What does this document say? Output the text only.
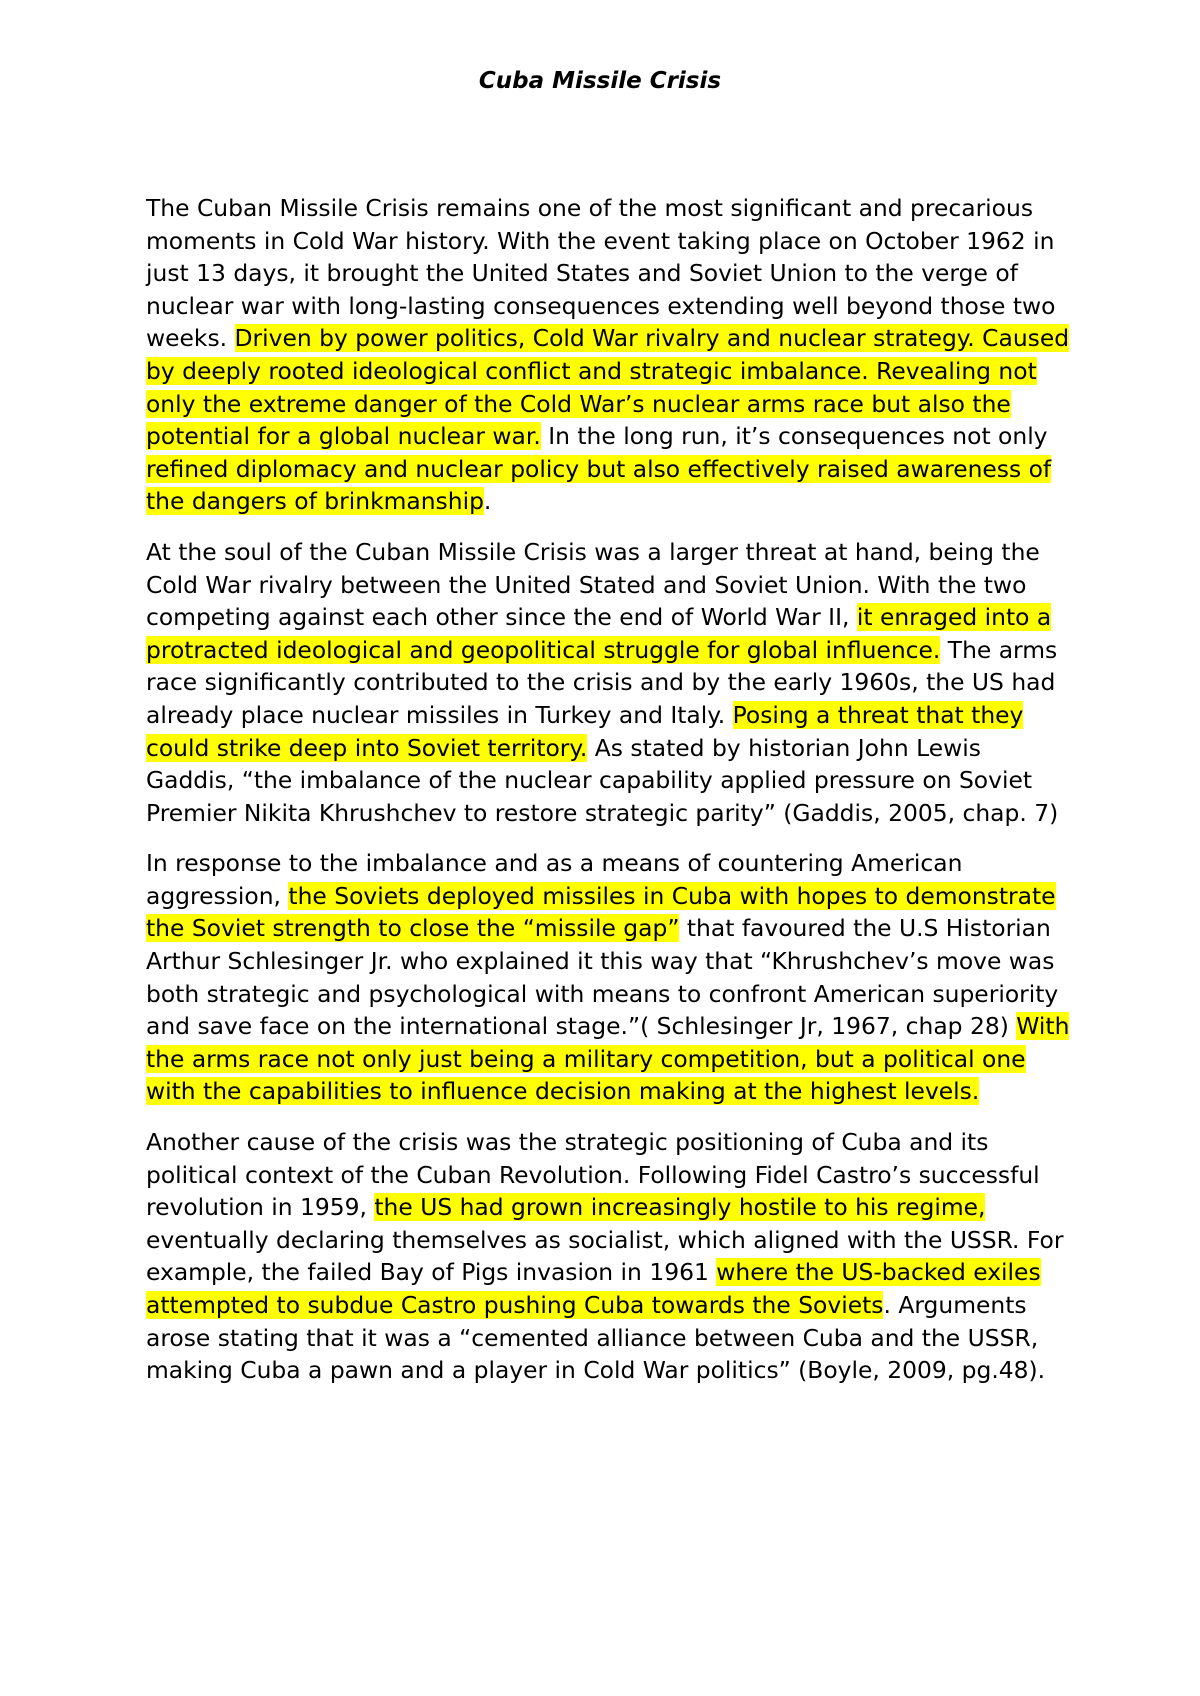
Cuba Missile Crisis

The Cuban Missile Crisis remains one of the most significant and precarious moments in Cold War history. With the event taking place on October 1962 in just 13 days, it brought the United States and Soviet Union to the verge of nuclear war with long-lasting consequences extending well beyond those two weeks. Driven by power politics, Cold War rivalry and nuclear strategy. Caused by deeply rooted ideological conflict and strategic imbalance. Revealing not only the extreme danger of the Cold War’s nuclear arms race but also the potential for a global nuclear war. In the long run, it’s consequences not only refined diplomacy and nuclear policy but also effectively raised awareness of the dangers of brinkmanship.

At the soul of the Cuban Missile Crisis was a larger threat at hand, being the Cold War rivalry between the United Stated and Soviet Union. With the two competing against each other since the end of World War II, it enraged into a protracted ideological and geopolitical struggle for global influence. The arms race significantly contributed to the crisis and by the early 1960s, the US had already place nuclear missiles in Turkey and Italy. Posing a threat that they could strike deep into Soviet territory. As stated by historian John Lewis Gaddis, “the imbalance of the nuclear capability applied pressure on Soviet Premier Nikita Khrushchev to restore strategic parity” (Gaddis, 2005, chap. 7)

In response to the imbalance and as a means of countering American aggression, the Soviets deployed missiles in Cuba with hopes to demonstrate the Soviet strength to close the “missile gap” that favoured the U.S Historian Arthur Schlesinger Jr. who explained it this way that “Khrushchev’s move was both strategic and psychological with means to confront American superiority and save face on the international stage.”( Schlesinger Jr, 1967, chap 28) With the arms race not only just being a military competition, but a political one with the capabilities to influence decision making at the highest levels.

Another cause of the crisis was the strategic positioning of Cuba and its political context of the Cuban Revolution. Following Fidel Castro’s successful revolution in 1959, the US had grown increasingly hostile to his regime, eventually declaring themselves as socialist, which aligned with the USSR. For example, the failed Bay of Pigs invasion in 1961 where the US-backed exiles attempted to subdue Castro pushing Cuba towards the Soviets. Arguments arose stating that it was a “cemented alliance between Cuba and the USSR, making Cuba a pawn and a player in Cold War politics” (Boyle, 2009, pg.48).
